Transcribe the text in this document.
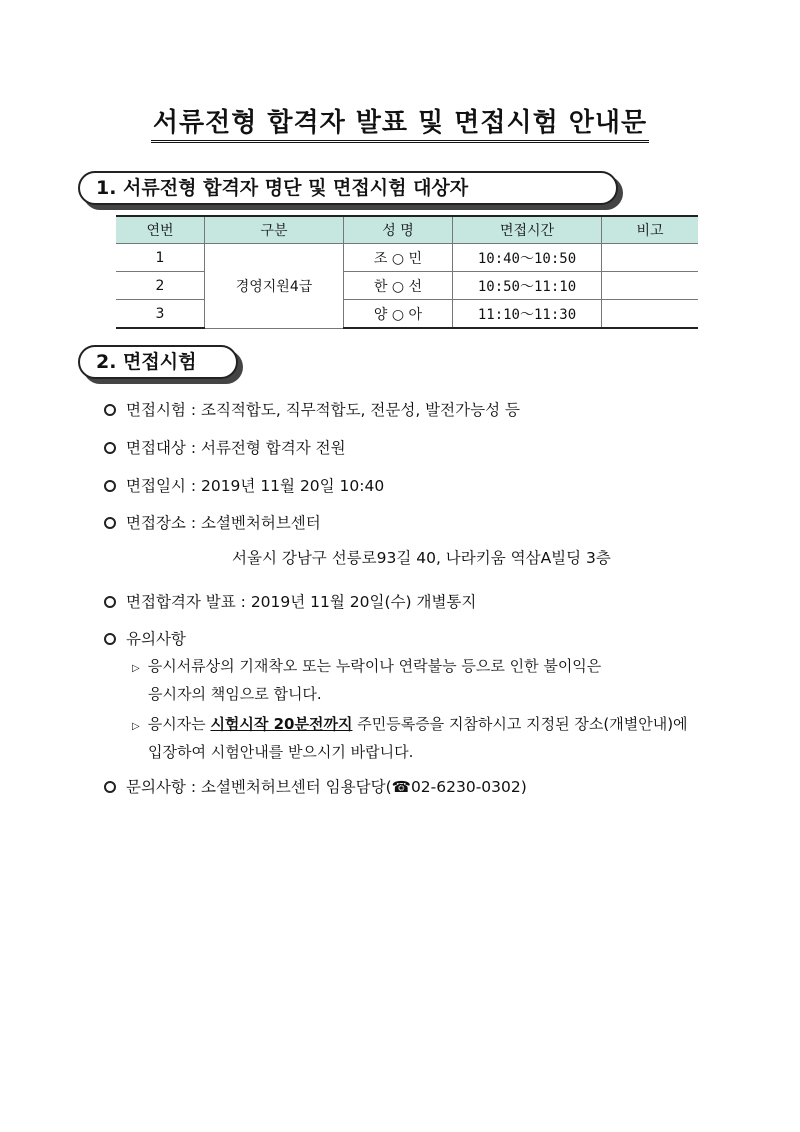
서류전형 합격자 발표 및 면접시험 안내문
1. 서류전형 합격자 명단 및 면접시험 대상자
연번	구분	성 명	면접시간	비고
1	경영지원4급	조 ○ 민	10:40～10:50	
2		한 ○ 선	10:50～11:10	
3		양 ○ 아	11:10～11:30	
2. 면접시험
면접시험 : 조직적합도, 직무적합도, 전문성, 발전가능성 등
면접대상 : 서류전형 합격자 전원
면접일시 : 2019년 11월 20일 10:40
면접장소 : 소셜벤처허브센터
서울시 강남구 선릉로93길 40, 나라키움 역삼A빌딩 3층
면접합격자 발표 : 2019년 11월 20일(수) 개별통지
유의사항
▷ 응시서류상의 기재착오 또는 누락이나 연락불능 등으로 인한 불이익은
응시자의 책임으로 합니다.
▷ 응시자는 시험시작 20분전까지 주민등록증을 지참하시고 지정된 장소(개별안내)에
입장하여 시험안내를 받으시기 바랍니다.
문의사항 : 소셜벤처허브센터 임용담당(☎02-6230-0302)
